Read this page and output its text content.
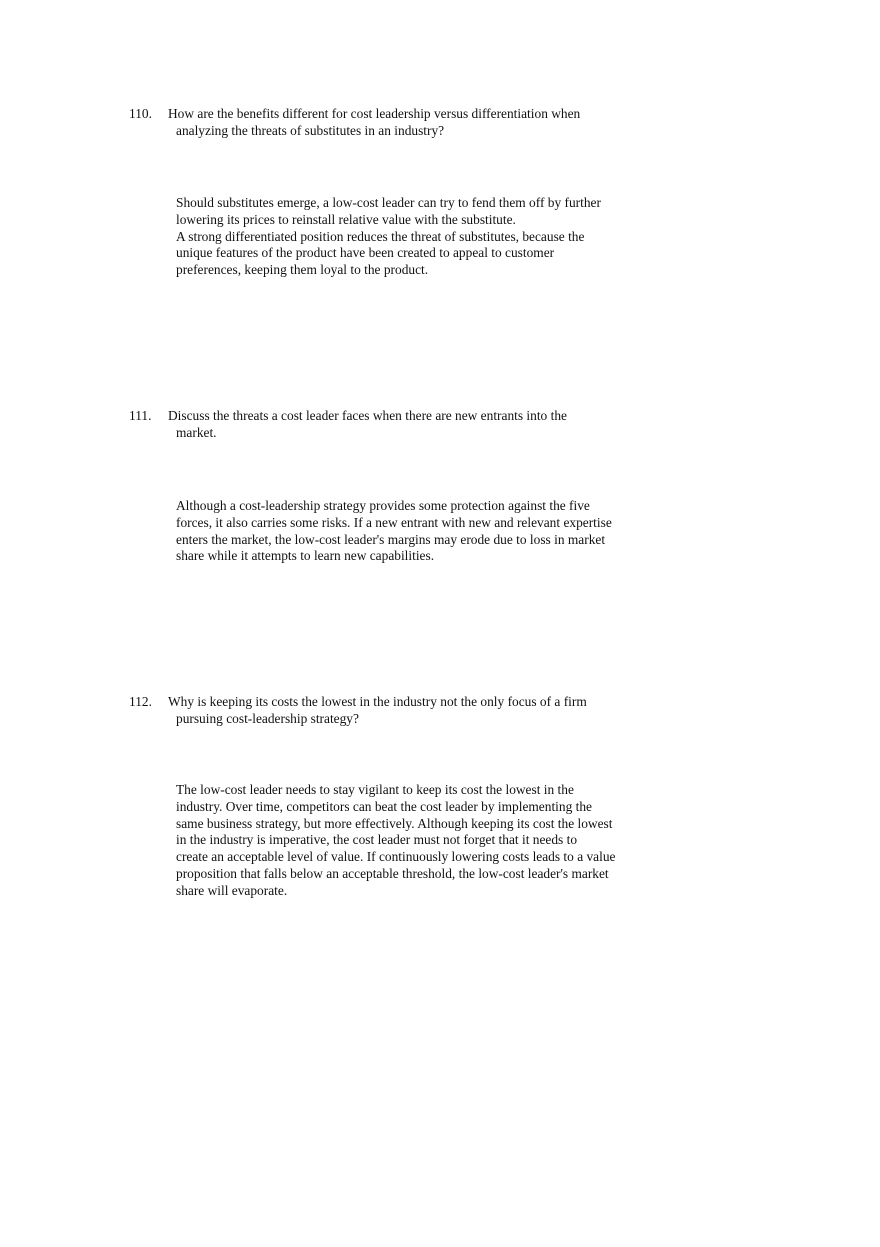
110. How are the benefits different for cost leadership versus differentiation when
analyzing the threats of substitutes in an industry?

Should substitutes emerge, a low-cost leader can try to fend them off by further

lowering its prices to reinstall relative value with the substitute.

A strong differentiated position reduces the threat of substitutes, because the

unique features of the product have been created to appeal to customer

preferences, keeping them loyal to the product.

111. Discuss the threats a cost leader faces when there are new entrants into the
market.

Although a cost-leadership strategy provides some protection against the five

forces, it also carries some risks. If a new entrant with new and relevant expertise

enters the market, the low-cost leader's margins may erode due to loss in market

share while it attempts to learn new capabilities.

112. Why is keeping its costs the lowest in the industry not the only focus of a firm
pursuing cost-leadership strategy?

The low-cost leader needs to stay vigilant to keep its cost the lowest in the

industry. Over time, competitors can beat the cost leader by implementing the

same business strategy, but more effectively. Although keeping its cost the lowest

in the industry is imperative, the cost leader must not forget that it needs to

create an acceptable level of value. If continuously lowering costs leads to a value

proposition that falls below an acceptable threshold, the low-cost leader's market

share will evaporate.
